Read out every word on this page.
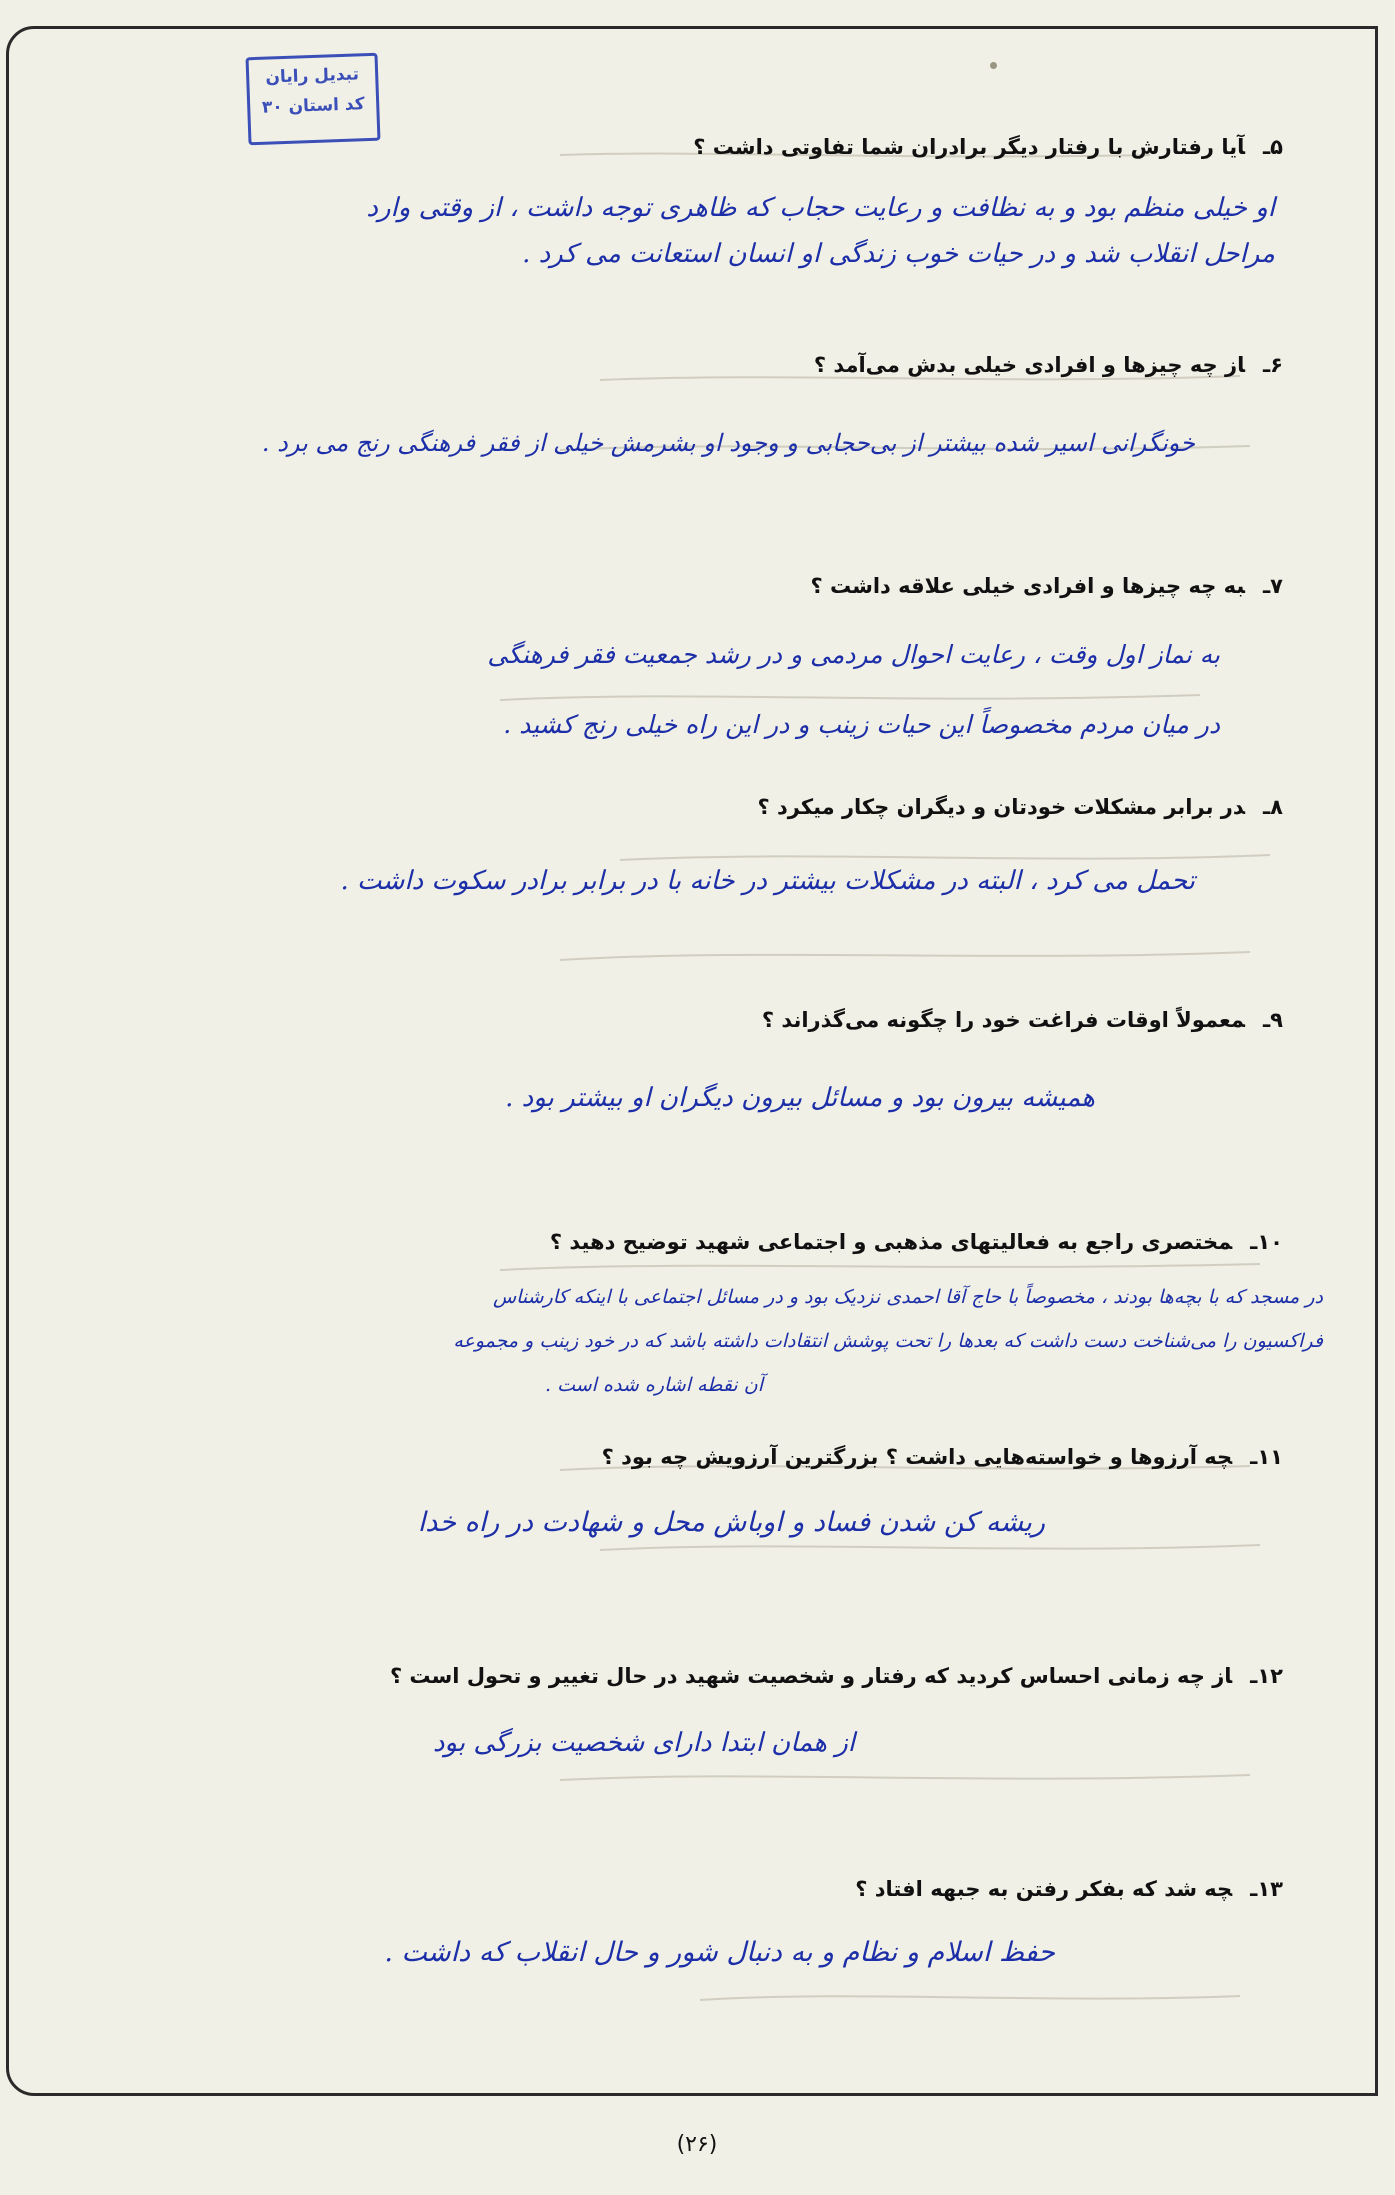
تبدیل رایان
کد استان ۳۰
۵ـآیا رفتارش با رفتار دیگر برادران شما تفاوتی داشت ؟
او خیلی منظم بود و به نظافت و رعایت حجاب که ظاهری توجه داشت ، از وقتی وارد
مراحل انقلاب شد و در حیات خوب زندگی او انسان استعانت می کرد .
۶ـاز چه چیزها و افرادی خیلی بدش می‌آمد ؟
خونگرانی اسیر شده بیشتر از بی‌حجابی و وجود او بشرمش خیلی از فقر فرهنگی رنج می برد .
۷ـبه چه چیزها و افرادی خیلی علاقه داشت ؟
به نماز اول وقت ، رعایت احوال مردمی و در رشد جمعیت فقر فرهنگی
در میان مردم مخصوصاً این حیات زینب و در این راه خیلی رنج کشید .
۸ـدر برابر مشکلات خودتان و دیگران چکار میکرد ؟
تحمل می کرد ، البته در مشکلات بیشتر در خانه با در برابر برادر سکوت داشت .
۹ـمعمولاً اوقات فراغت خود را چگونه می‌گذراند ؟
همیشه بیرون بود و مسائل بیرون دیگران او بیشتر بود .
۱۰ـمختصری راجع به فعالیتهای مذهبی و اجتماعی شهید توضیح دهید ؟
در مسجد که با بچه‌ها بودند ، مخصوصاً با حاج آقا احمدی نزدیک بود و در مسائل اجتماعی با اینکه کارشناس
فراکسیون را می‌شناخت دست داشت که بعدها را تحت پوشش انتقادات داشته باشد که در خود زینب و مجموعه
آن نقطه اشاره شده است .
۱۱ـچه آرزوها و خواسته‌هایی داشت ؟ بزرگترین آرزویش چه بود ؟
ریشه کن شدن فساد و اوباش محل و شهادت در راه خدا
۱۲ـاز چه زمانی احساس کردید که رفتار و شخصیت شهید در حال تغییر و تحول است ؟
از همان ابتدا دارای شخصیت بزرگی بود
۱۳ـچه شد که بفکر رفتن به جبهه افتاد ؟
حفظ اسلام و نظام و به دنبال شور و حال انقلاب که داشت .
(۲۶)
